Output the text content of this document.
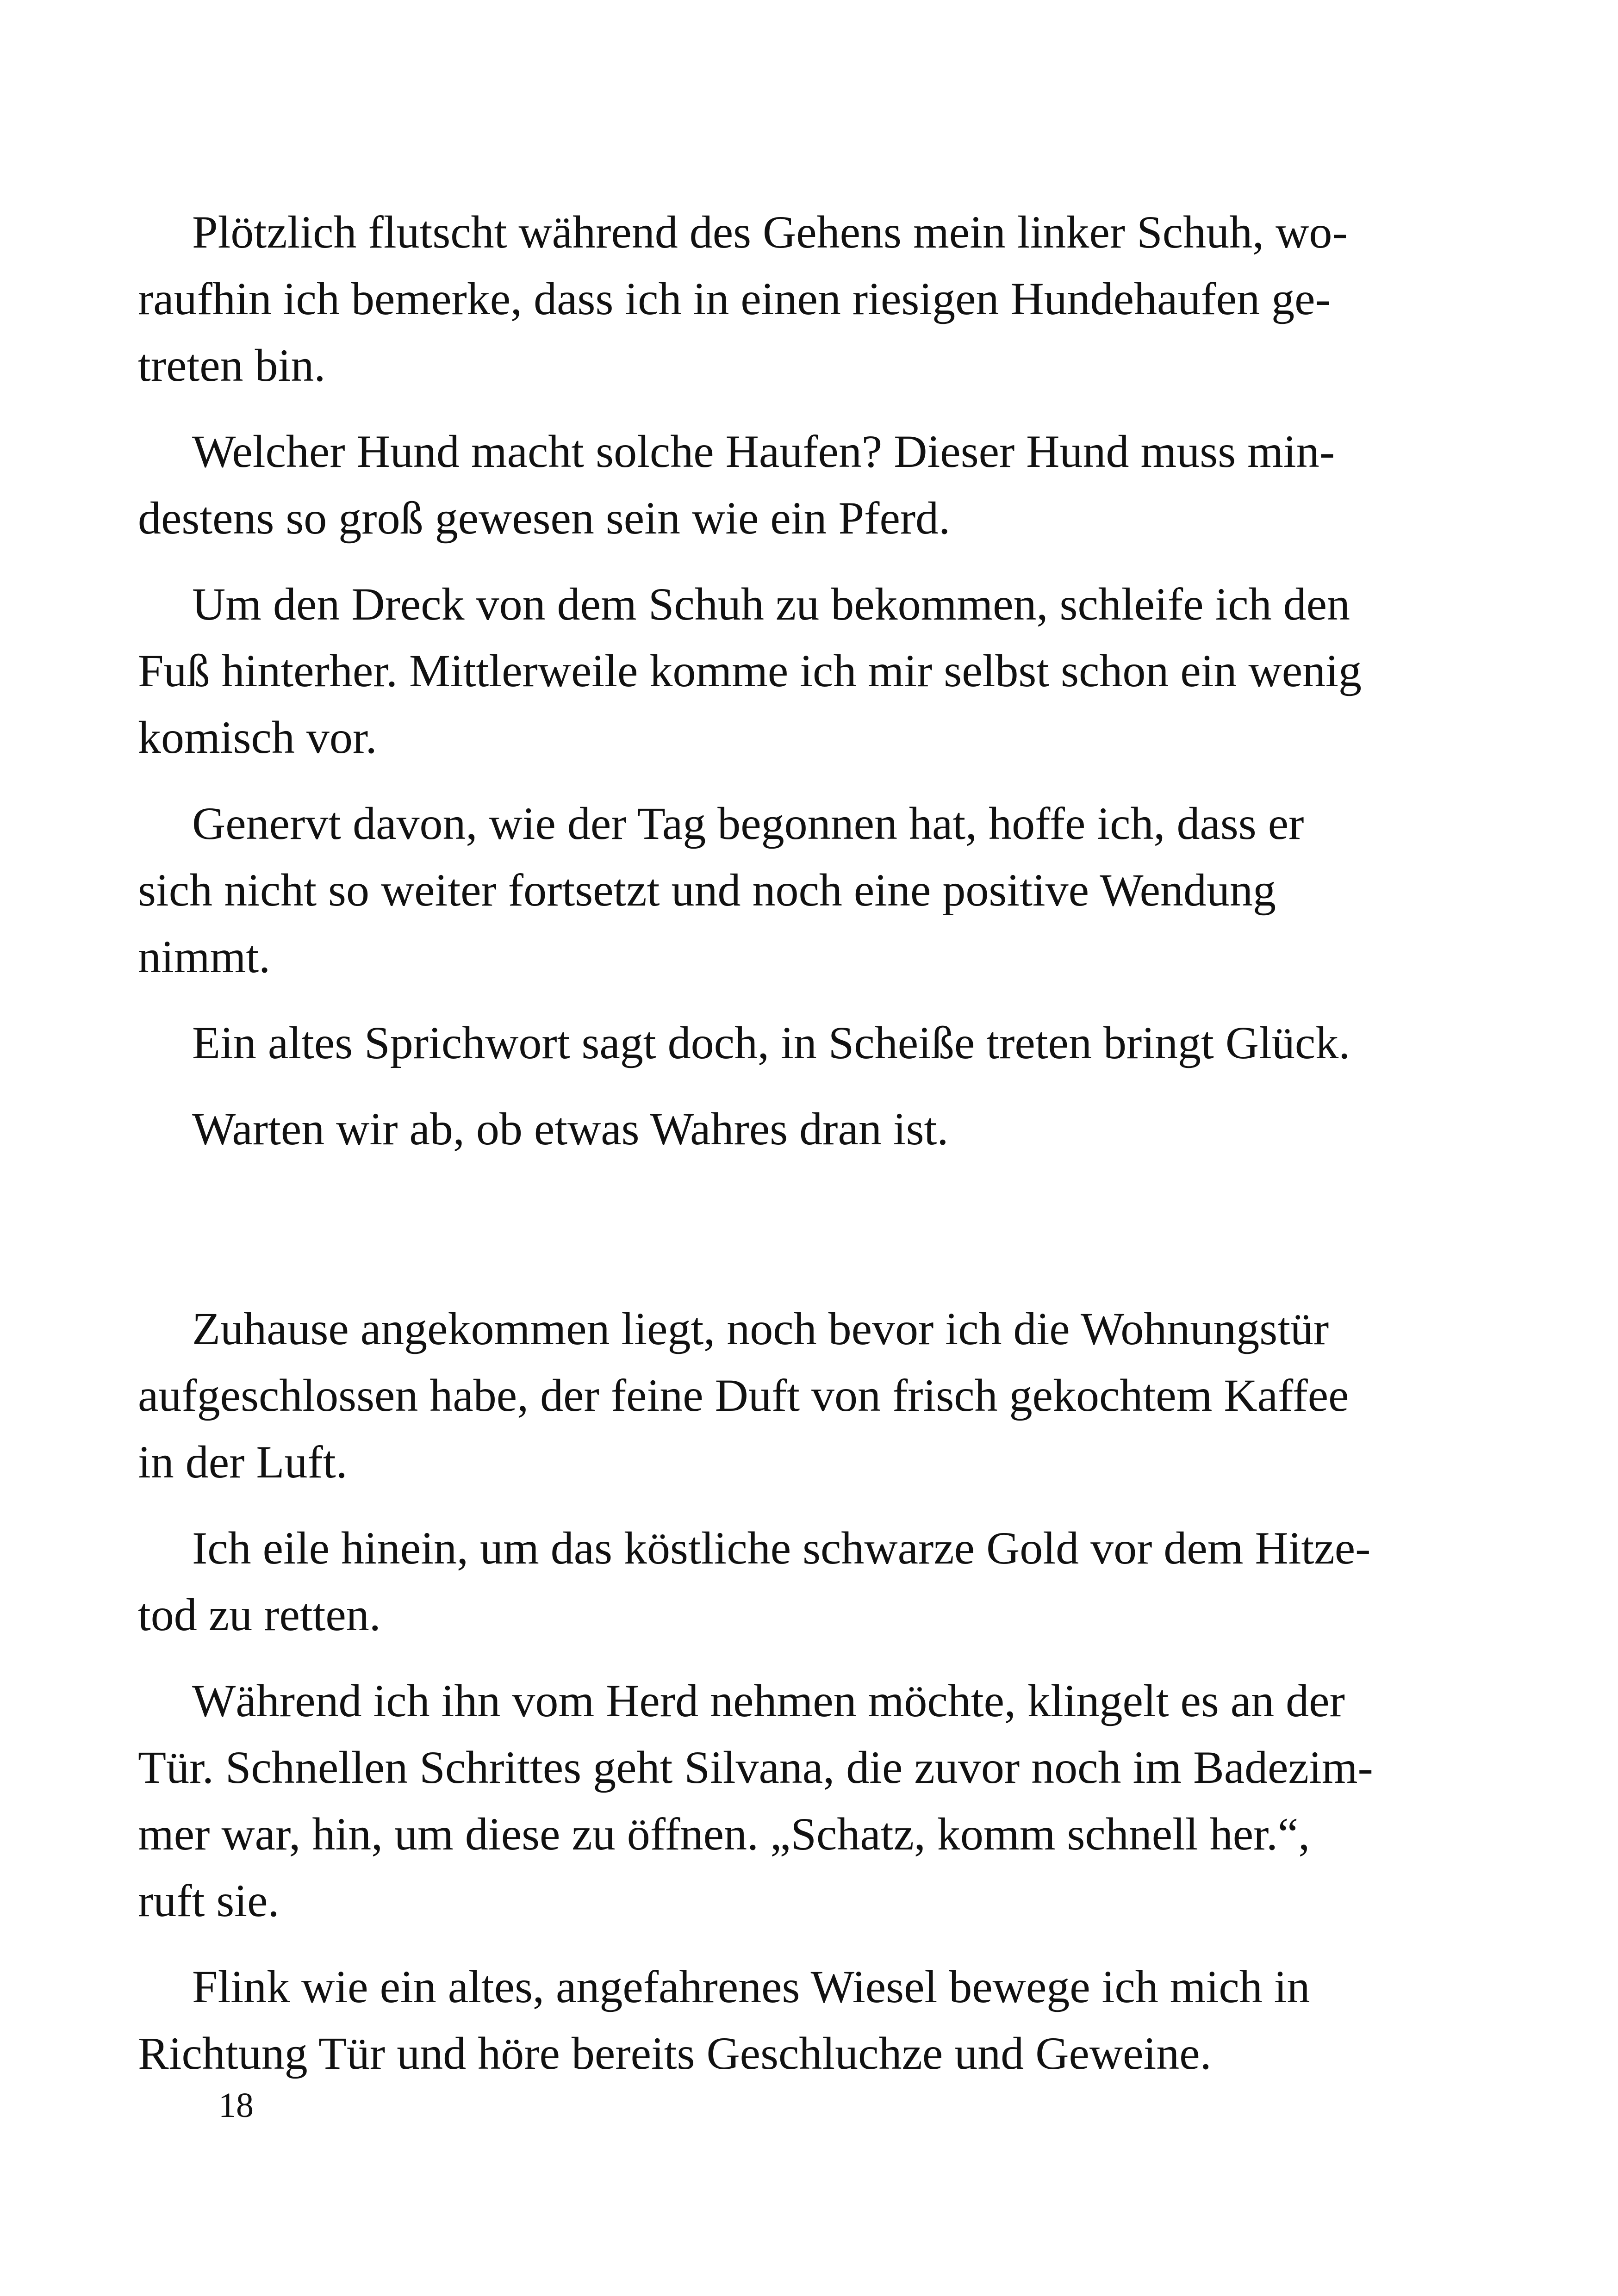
Plötzlich flutscht während des Gehens mein linker Schuh, wo-
raufhin ich bemerke, dass ich in einen riesigen Hundehaufen ge-
treten bin.
Welcher Hund macht solche Haufen? Dieser Hund muss min-
destens so groß gewesen sein wie ein Pferd.
Um den Dreck von dem Schuh zu bekommen, schleife ich den
Fuß hinterher. Mittlerweile komme ich mir selbst schon ein wenig
komisch vor.
Genervt davon, wie der Tag begonnen hat, hoffe ich, dass er
sich nicht so weiter fortsetzt und noch eine positive Wendung
nimmt.
Ein altes Sprichwort sagt doch, in Scheiße treten bringt Glück.
Warten wir ab, ob etwas Wahres dran ist.
Zuhause angekommen liegt, noch bevor ich die Wohnungstür
aufgeschlossen habe, der feine Duft von frisch gekochtem Kaffee
in der Luft.
Ich eile hinein, um das köstliche schwarze Gold vor dem Hitze-
tod zu retten.
Während ich ihn vom Herd nehmen möchte, klingelt es an der
Tür. Schnellen Schrittes geht Silvana, die zuvor noch im Badezim-
mer war, hin, um diese zu öffnen. „Schatz, komm schnell her.“,
ruft sie.
Flink wie ein altes, angefahrenes Wiesel bewege ich mich in
Richtung Tür und höre bereits Geschluchze und Geweine.
18
